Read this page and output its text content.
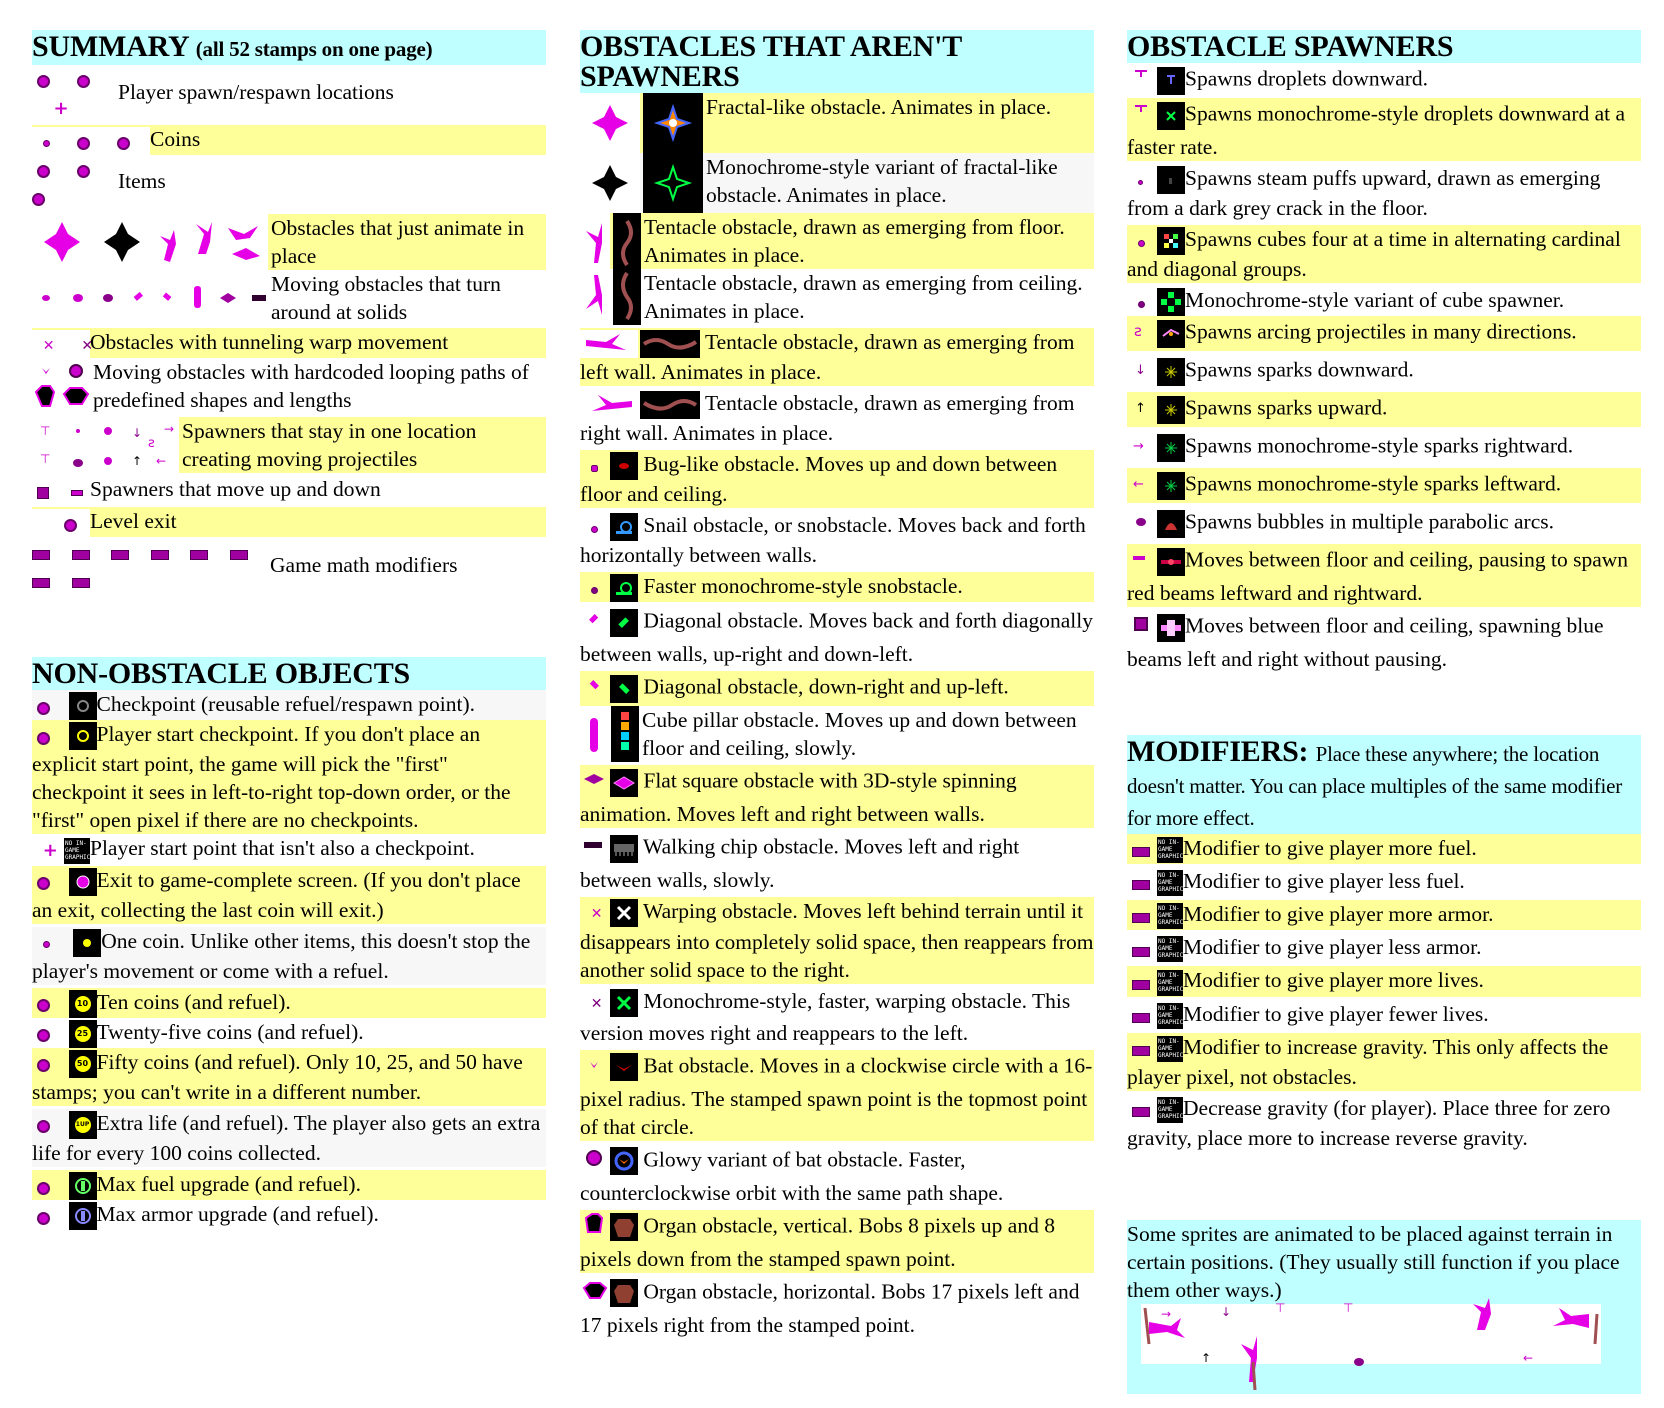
SUMMARY (all 52 stamps on one page)
+Player spawn/respawn locations
Coins
Items
Obstacles that just animate in place
Moving obstacles that turn around at solids
✕ ✕Obstacles with tunneling warp movement
Moving obstacles with hardcoded looping paths of predefined shapes and lengths
⊤	↓ →
ƨ
⊤	↑ ←
Spawners that stay in one location creating moving projectiles
Spawners that move up and down
Level exit
Game math modifiers
NON-OBSTACLE OBJECTS
Checkpoint (reusable refuel/respawn point).
Player start checkpoint. If you don't place an explicit start point, the game will pick the "first" checkpoint it sees in left-to-right top-down order, or the "first" open pixel if there are no checkpoints.
+ NO IN-GAME GRAPHICPlayer start point that isn't also a checkpoint.
Exit to game-complete screen. (If you don't place an exit, collecting the last coin will exit.)
One coin. Unlike other items, this doesn't stop the player's movement or come with a refuel.

10 Ten coins (and refuel).

25 Twenty-five coins (and refuel).

50 Fifty coins (and refuel). Only 10, 25, and 50 have stamps; you can't write in a different number.

1UP Extra life (and refuel). The player also gets an extra life for every 100 coins collected.
Max fuel upgrade (and refuel).
Max armor upgrade (and refuel).
OBSTACLES THAT AREN'T SPAWNERS
Fractal-like obstacle. Animates in place.
Monochrome-style variant of fractal-like obstacle. Animates in place.
Tentacle obstacle, drawn as emerging from floor. Animates in place.
Tentacle obstacle, drawn as emerging from ceiling. Animates in place.
Tentacle obstacle, drawn as emerging from left wall. Animates in place.
Tentacle obstacle, drawn as emerging from right wall. Animates in place.
Bug-like obstacle. Moves up and down between floor and ceiling.
Snail obstacle, or snobstacle. Moves back and forth horizontally between walls.
Faster monochrome-style snobstacle.
Diagonal obstacle. Moves back and forth diagonally between walls, up-right and down-left.
Diagonal obstacle, down-right and up-left.
Cube pillar obstacle. Moves up and down between floor and ceiling, slowly.
Flat square obstacle with 3D-style spinning animation. Moves left and right between walls.
Walking chip obstacle. Moves left and right between walls, slowly.
✕ Warping obstacle. Moves left behind terrain until it disappears into completely solid space, then reappears from another solid space to the right.
✕ Monochrome-style, faster, warping obstacle. This version moves right and reappears to the left.
Bat obstacle. Moves in a clockwise circle with a 16-pixel radius. The stamped spawn point is the topmost point of that circle.
Glowy variant of bat obstacle. Faster, counterclockwise orbit with the same path shape.
Organ obstacle, vertical. Bobs 8 pixels up and 8 pixels down from the stamped spawn point.
Organ obstacle, horizontal. Bobs 17 pixels left and 17 pixels right from the stamped point.
OBSTACLE SPAWNERS
Spawns droplets downward.
Spawns monochrome-style droplets downward at a faster rate.
Spawns steam puffs upward, drawn as emerging from a dark grey crack in the floor.
Spawns cubes four at a time in alternating cardinal and diagonal groups.
Monochrome-style variant of cube spawner.
ƨ Spawns arcing projectiles in many directions.
↓ Spawns sparks downward.
↑ Spawns sparks upward.
→ Spawns monochrome-style sparks rightward.
← Spawns monochrome-style sparks leftward.
Spawns bubbles in multiple parabolic arcs.
Moves between floor and ceiling, pausing to spawn red beams leftward and rightward.
Moves between floor and ceiling, spawning blue beams left and right without pausing.
MODIFIERS: Place these anywhere; the location doesn't matter. You can place multiples of the same modifier for more effect.
NO IN-GAME GRAPHICModifier to give player more fuel.
NO IN-GAME GRAPHICModifier to give player less fuel.
NO IN-GAME GRAPHICModifier to give player more armor.
NO IN-GAME GRAPHICModifier to give player less armor.
NO IN-GAME GRAPHICModifier to give player more lives.
NO IN-GAME GRAPHICModifier to give player fewer lives.
NO IN-GAME GRAPHICModifier to increase gravity. This only affects the player pixel, not obstacles.
NO IN-GAME GRAPHICDecrease gravity (for player). Place three for zero gravity, place more to increase reverse gravity.
Some sprites are animated to be placed against terrain in certain positions. (They usually still function if you place them other ways.)
→	↓	⊤	⊤
↑	←
